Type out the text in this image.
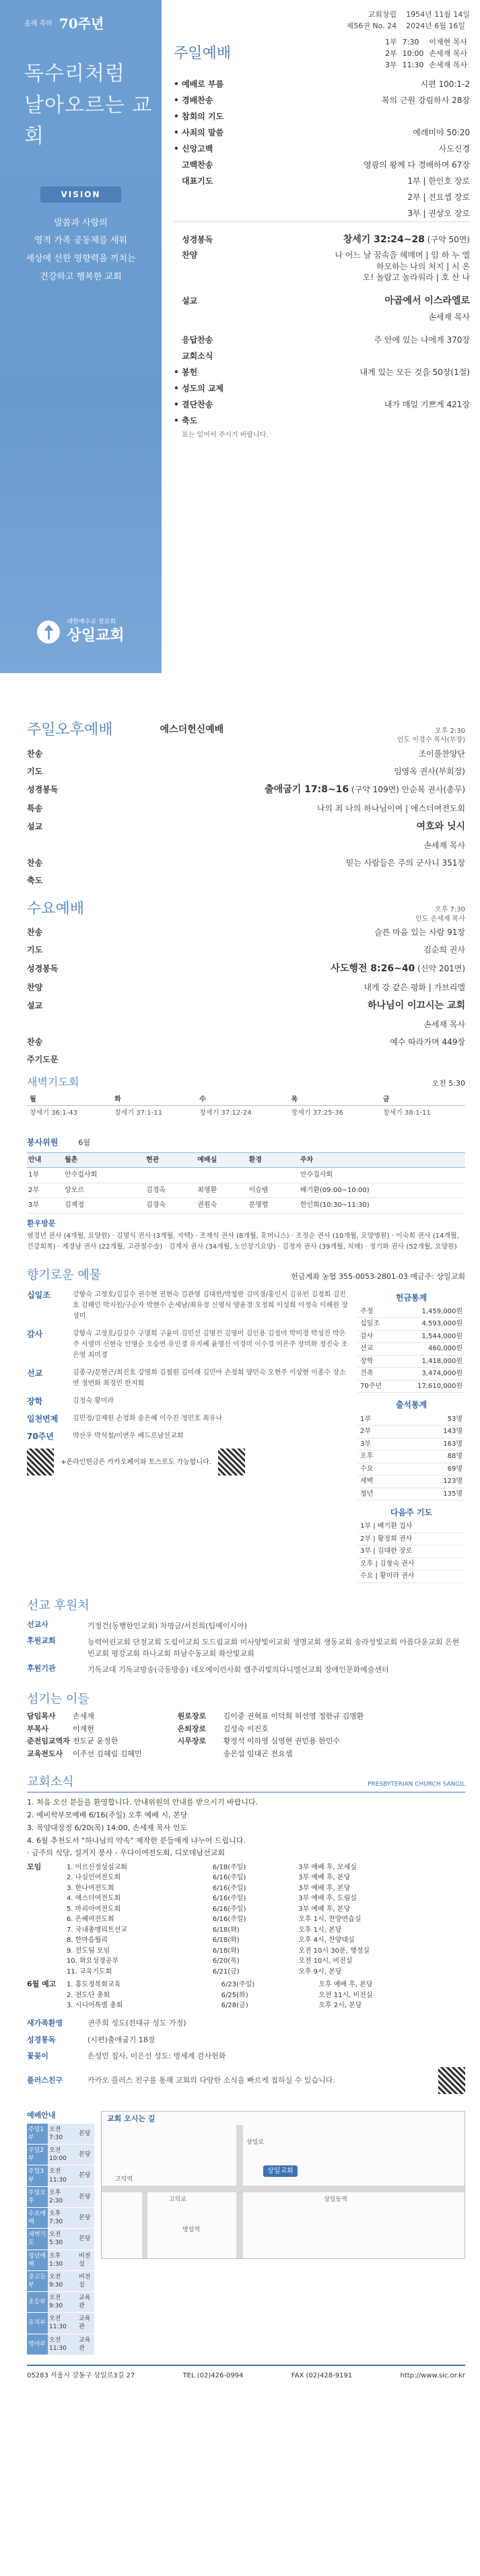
올해 축하 70주년
독수리처럼
날아오르는 교회
VISION
말씀과 사랑의
영적 가족 공동체를 세워
세상에 선한 영향력을 끼치는
건강하고 행복한 교회
대한예수교 장로회
상일교회
교회창립
제56권 No. 24
1954년 11월 14일
2024년 6월 16일
주일예배
1부	7:30	이재현 목사
2부	10:00	손세재 목사
3부	11:30	손세재 목사
• 예배로 부름	시편 100:1-2
• 경배찬송	복의 근원 강림하사 28장
• 참회의 기도
• 사죄의 말씀	예레미야 50:20
• 신앙고백	사도신경
고백찬송	영광의 왕께 다 경배하며 67장
대표기도	1부 | 한인호 장로
2부 | 전요셉 장로
3부 | 권상오 장로
성경봉독	창세기 32:24~28 (구약 50면)
찬양	나 어느 날 꿈속을 헤매며 | 임 하 누 엘
하모하는 나의 처지 | 시 온
오! 놀랍고 놀라워라 | 호 산 나
설교	아곱에서 이스라엘로
손세재 목사
응답찬송	주 안에 있는 나에게 370장
교회소식
• 봉헌	내게 있는 모든 것을 50장(1절)
• 성도의 교제
• 결단찬송	내가 매일 기쁘게 421장
• 축도
표는 일어서 주시기 바랍니다.
주일오후예배	에스더헌신예배	오후 2:30
인도 이경수 목사(부장)
찬송	조이풀찬양단
기도	임영옥 권사(부회장)
성경봉독	출애굽기 17:8~16 (구약 109면) 안순복 권사(총무)
특송	나의 죄 나의 하나님이여 | 에스더여전도회
설교	여호와 닛시
손세재 목사
찬송	믿는 사람들은 주의 군사니 351장
축도
수요예배	오후 7:30
인도 손세재 목사
찬송	슬픈 마음 있는 사람 91장
기도	김순희 권사
성경봉독	사도행전 8:26~40 (신약 201면)
찬양	내게 강 같은 평화 | 가브리엘
설교	하나님이 이끄시는 교회
손세재 목사
찬송	예수 따라가며 449장
주기도문
새벽기도회	오전 5:30
월	화	수	목	금
창세기 36:1-43	창세기 37:1-11	창세기 37:12-24	창세기 37:25-36	창세기 38:1-11
봉사위원	6월
안내	월촌	현관	예배실	환경	주차
1부	안수집사회				안수집사회
2부	상모르	김경옥	최영환	이승범	배기환(09:00~10:00)
3부	김재정	김경숙	권원숙	문명렬	한인회(10:30~11:30)
환우방문
염경년 권사 (4개월, 요양원) · 김명식 권사 (3개월, 자택) · 조재식 권사 (8개월, 휴머니스) · 조정순 권사 (10개월, 요양병원) · 이숙희 권사 (14개월, 건강회복) · 계경남 권사 (22개월, 고관절수술) · 김계자 권사 (34개월, 노인장기요양) · 김정자 권사 (39개월, 치매) · 정기화 권사 (52개월, 요양원)
향기로운 예물	헌금계좌 농협 355-0053-2801-03 예금주: 상일교회
십일조	강항숙 고정호/김길수 권수현 권현숙 김관영 김대한/박청란 김미경/홍인지 김유빈 김정희 김진호 김해인 박지원/구순자 박현수 손세남/최유정 신영식 양윤경 오정희 이성희 이정숙 이해원 장성미
감사	강항숙 고정호/김길수 구명희 구윤미 김민선 김명진 김영미 김인용 김정미 박미경 박성진 박은주 서영미 신현숙 안명순 오승연 유인경 유지혜 윤영신 이경미 이수경 이은주 장미화 정진숙 조은영 최미경
선교	김종구/문현근/최진호 강명희 김철원 김미래 김민아 손정희 양민숙 오현주 이상현 이종수 장소연 정연화 최경민 한지희
장학	김정숙 황미라
일천번제	김민정/김재원 손정화 송은혜 이수진 정민호 최유나
70주년	박산우 박석철/이연우 베드로남선교회
+온라인헌금은 카카오페이와 토스로도 가능합니다.
헌금통계
주정	1,459,000원
십일조	4,593,000원
감사	1,544,000원
선교	460,000원
장학	1,418,000원
건축	3,474,000원
70주년	17,610,000원
출석통계
1부	53명
2부	143명
3부	163명
오후	88명
수요	69명
새벽	123명
청년	135명
다음주 기도
1부 | 배기환 집사
2부 | 황정희 권사
3부 | 김대한 장로
오후 | 김창숙 권사
수요 | 황미라 권사
선교 후원처
선교사	기정건(동행한인교회) 차명금/서진희(팀예이시아)
후원교회	능력어린교회 단정교회 도림이교회 도드림교회 미사양빛이교회 생명교회 생동교회 송라성빛교회 아름다운교회 은현빈교회 평강교회 하나교회 하남수동교회 화산빛교회
후원기관	기독교대 기독교방송(극동방송) 네오에이런사회 캠주리빛의다니엘선교회 장애인문화예술센터
섬기는 이들
담임목사 손세재	원로장로 김이중 권혁표 이덕희 허선영 정한규 김명환
부목사	이재현	은퇴장로 김성숙 이진호
준전임교역자 전도균 윤정한	시무장로 황정석 이하영 심영현 권민용 한민수
교육전도사 이주선 김혜림 김혜민	송은섭 임대곤 전요셉
교회소식	PRESBYTERIAN CHURCH SANGIL
1. 처음 오신 분들을 환영합니다. 안내위원의 안내를 받으시기 바랍니다.
2. 예비학부모예배 6/16(주일) 오후 예배 시, 본당
3. 목양대장정 6/20(목) 14:00, 손세재 목사 인도
4. 6월 추천도서 "하나님의 약속" 제작한 분들에게 나누어 드립니다.
· 금주의 식당, 설거지 봉사 - 우다이여전도회, 디모데남선교회
모임	1. 어르신정성심교회	6/18(주일)	3부 예배 후, 모세실
2. 나실인여전도회	6/16(주일)	3부 예배 후, 본당
3. 한나여전도회	6/16(주일)	3부 예배 후, 본당
4. 에스더여전도회	6/16(주일)	3부 예배 후, 도림실
5. 마리아여전도회	6/16(주일)	3부 예배 후, 본당
6. 은혜여전도회	6/16(주일)	오후 1시, 찬양연습실
7. 국내총맹리트선교	6/18(화)	오후 1시, 본당
8. 한마음월리	6/18(화)	오후 4시, 찬양대실
9. 전도팀 모임	6/18(화)	오전 10시 30분, 행정실
10. 화요성경공부	6/20(목)	오전 10시, 비전실
11. 교육기도회	6/21(금)	오후 9시, 본당
6월 예고	1. 홍도정목회교육	6/23(주일)	오후 예배 후, 본당
2. 전도단 총회	6/25(화)	오전 11시, 비전실
3. 시니어특별 총회	6/28(금)	오후 2시, 본당
새가족환영	권주희 성도(전대규 성도 가정)
성경통독	(시편)출애굽기 18장
꽃꽂이	손성민 집사, 이은선 성도: 명세계 감사헌화
플러스친구	카카오 플러스 친구를 통해 교회의 다양한 소식을 빠르게 접하실 수 있습니다.
예배안내
주일1부	오전 7:30	본당
주일2부	오전 10:00	본당
주일3부	오전 11:30	본당
주일오후	오후 2:30	본당
수요예배	오후 7:30	본당
새벽기도	오전 5:30	본당
청년예배	오후 1:30	비전실
중고등부	오전 9:30	비전실
초등부	오전 9:30	교육관
유치부	오전 11:30	교육관
영아부	오전 11:30	교육관
교회 오시는 길
상일교회
고덕역
상일동역
명일역
고덕로
상일로
05283 서울시 강동구 상일로3길 27	TEL (02)426-0994	FAX (02)428-9191	http://www.sic.or.kr
